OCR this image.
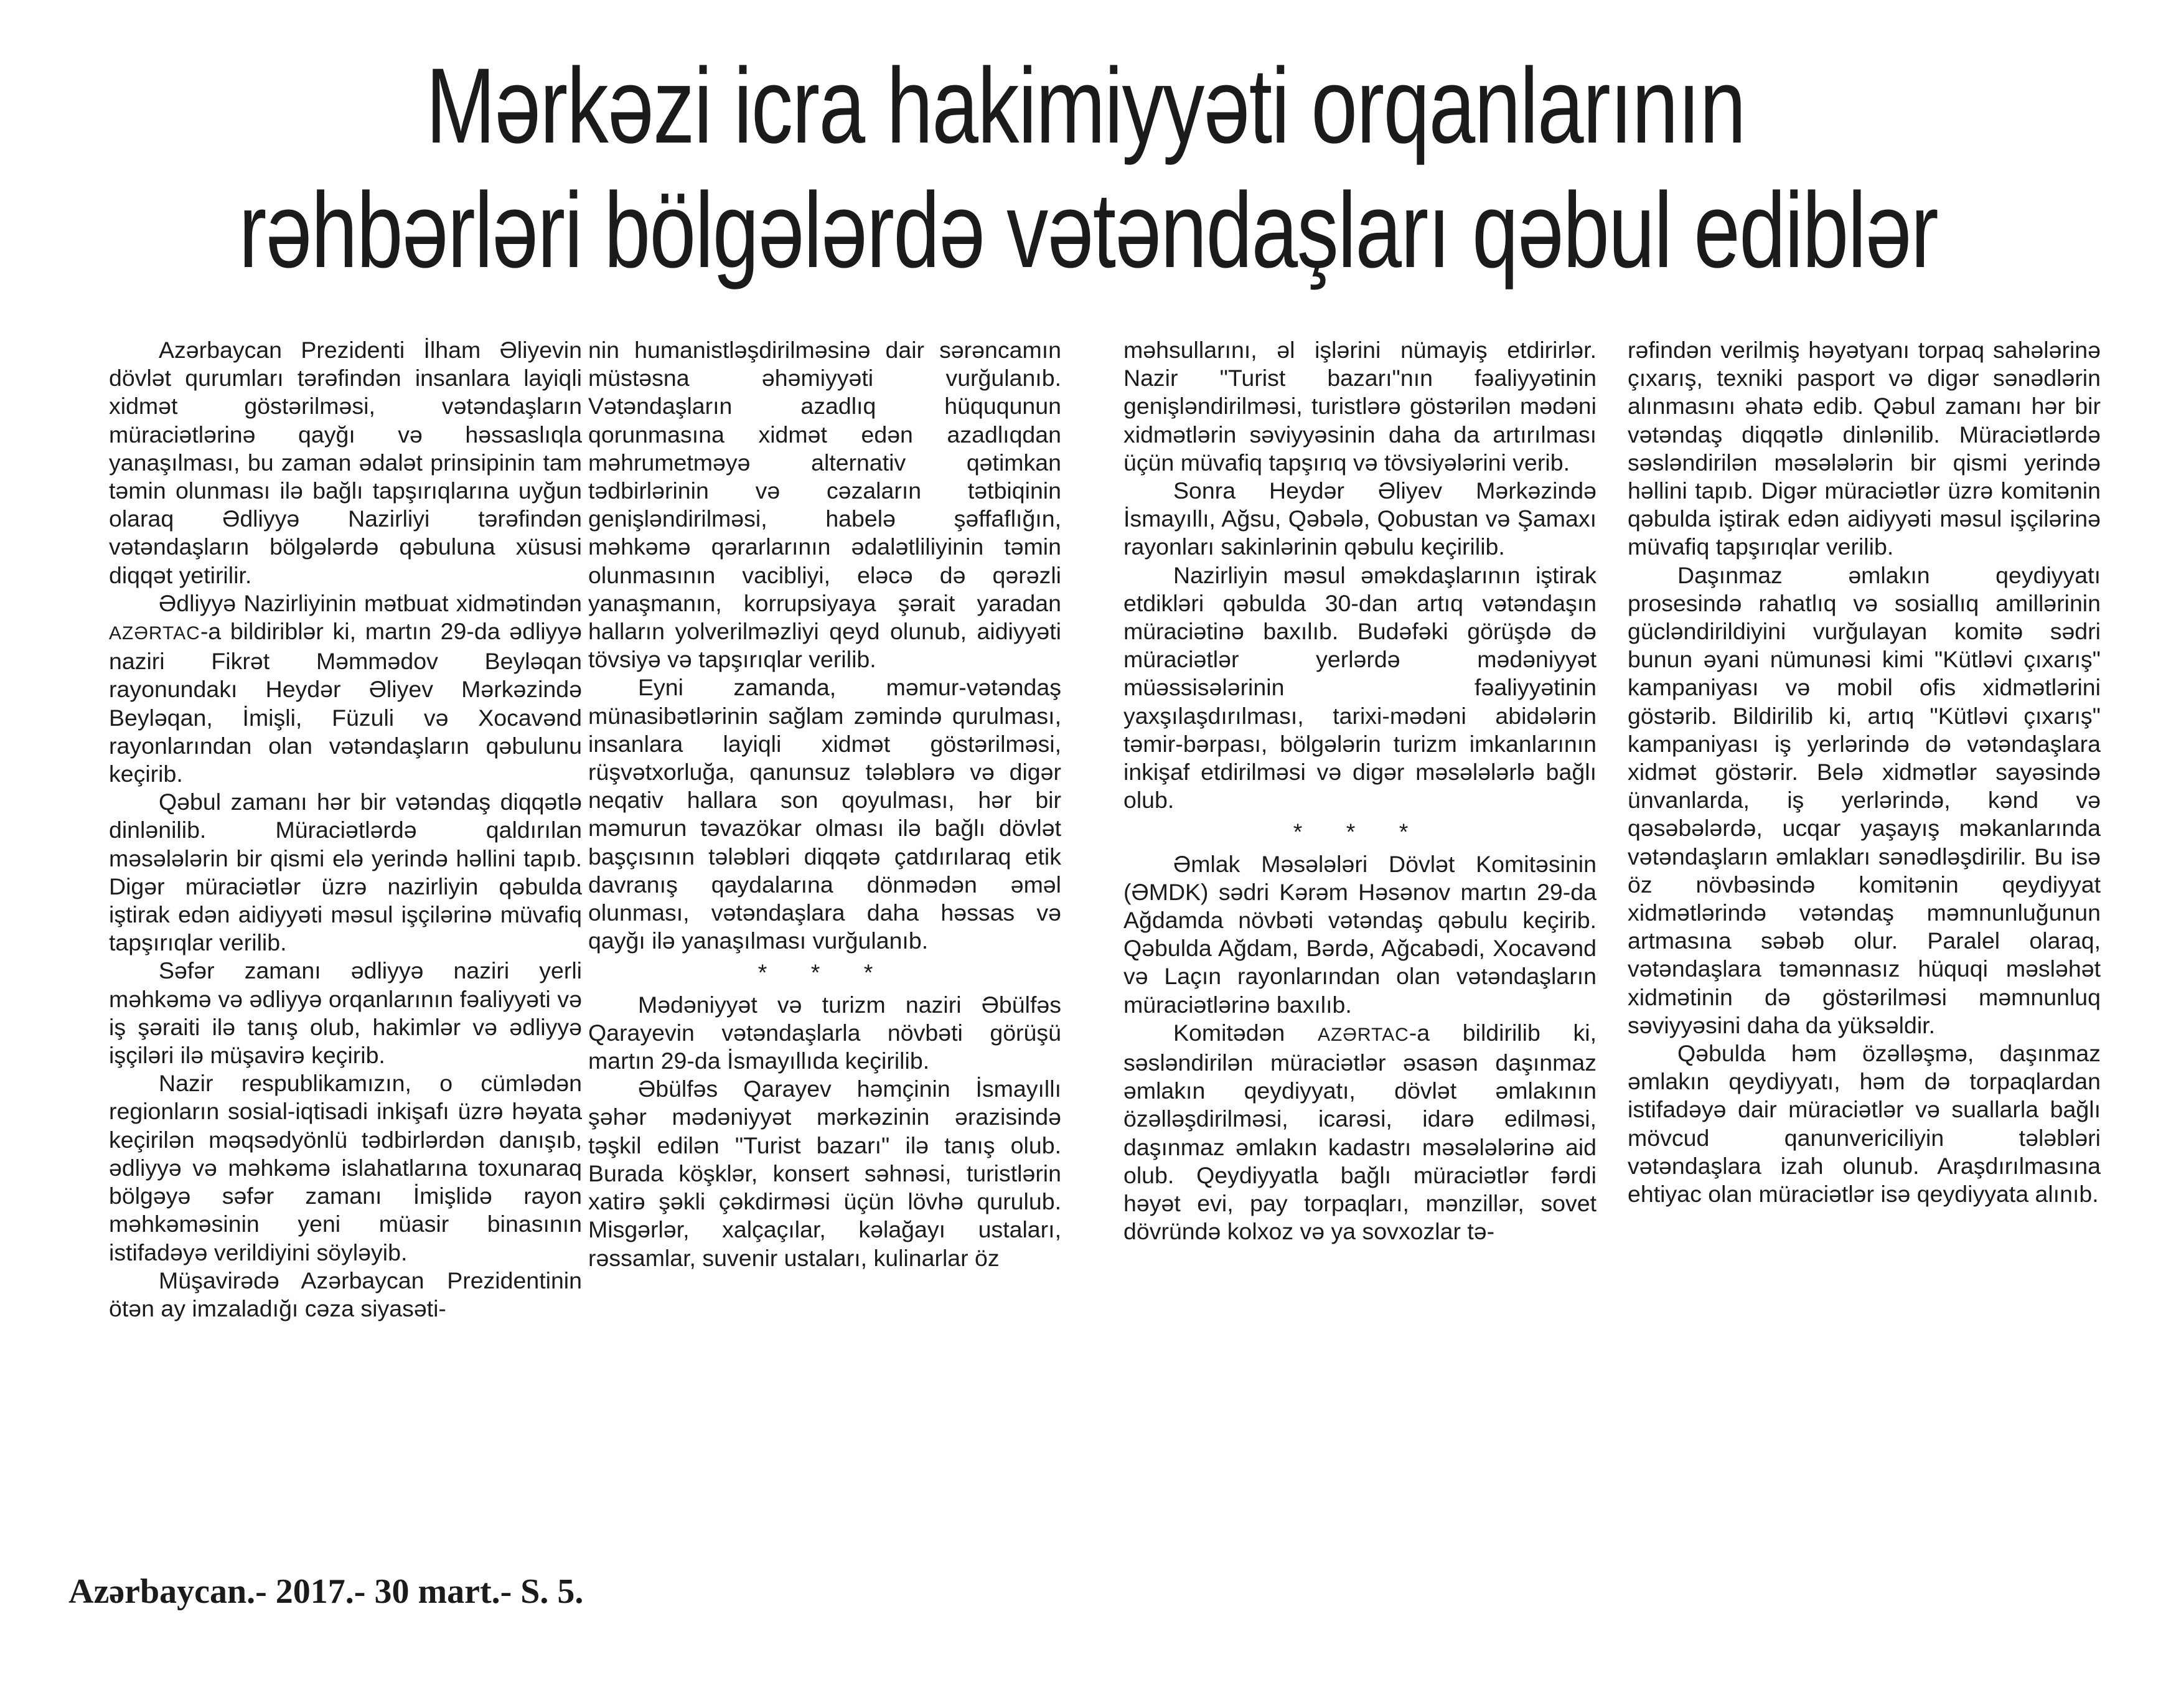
Mərkəzi icra hakimiyyəti orqanlarının
rəhbərləri bölgələrdə vətəndaşları qəbul ediblər

Azərbaycan Prezidenti İlham Əliyevin dövlət qurumları tərəfindən insanlara layiqli xidmət göstərilməsi, vətəndaşların müraciətlərinə qayğı və həssaslıqla yanaşılması, bu zaman ədalət prinsipinin tam təmin olunması ilə bağlı tapşırıqlarına uyğun olaraq Ədliyyə Nazirliyi tərəfindən vətəndaşların bölgələrdə qəbuluna xüsusi diqqət yetirilir.

Ədliyyə Nazirliyinin mətbuat xidmətindən AZƏRTAC-a bildiriblər ki, martın 29-da ədliyyə naziri Fikrət Məmmədov Beyləqan rayonundakı Heydər Əliyev Mərkəzində Beyləqan, İmişli, Füzuli və Xocavənd rayonlarından olan vətəndaşların qəbulunu keçirib.

Qəbul zamanı hər bir vətəndaş diqqətlə dinlənilib. Müraciətlərdə qaldırılan məsələlərin bir qismi elə yerində həllini tapıb. Digər müraciətlər üzrə nazirliyin qəbulda iştirak edən aidiyyəti məsul işçilərinə müvafiq tapşırıqlar verilib.

Səfər zamanı ədliyyə naziri yerli məhkəmə və ədliyyə orqanlarının fəaliyyəti və iş şəraiti ilə tanış olub, hakimlər və ədliyyə işçiləri ilə müşavirə keçirib.

Nazir respublikamızın, o cümlədən regionların sosial-iqtisadi inkişafı üzrə həyata keçirilən məqsədyönlü tədbirlərdən danışıb, ədliyyə və məhkəmə islahatlarına toxunaraq bölgəyə səfər zamanı İmişlidə rayon məhkəməsinin yeni müasir binasının istifadəyə verildiyini söyləyib.

Müşavirədə Azərbaycan Prezidentinin ötən ay imzaladığı cəza siyasəti-

nin humanistləşdirilməsinə dair sərəncamın müstəsna əhəmiyyəti vurğulanıb. Vətəndaşların azadlıq hüququnun qorunmasına xidmət edən azadlıqdan məhrumetməyə alternativ qətimkan tədbirlərinin və cəzaların tətbiqinin genişləndirilməsi, habelə şəffaflığın, məhkəmə qərarlarının ədalətliliyinin təmin olunmasının vacibliyi, eləcə də qərəzli yanaşmanın, korrupsiyaya şərait yaradan halların yolverilməzliyi qeyd olunub, aidiyyəti tövsiyə və tapşırıqlar verilib.

Eyni zamanda, məmur-vətəndaş münasibətlərinin sağlam zəmində qurulması, insanlara layiqli xidmət göstərilməsi, rüşvətxorluğa, qanunsuz tələblərə və digər neqativ hallara son qoyulması, hər bir məmurun təvazökar olması ilə bağlı dövlət başçısının tələbləri diqqətə çatdırılaraq etik davranış qaydalarına dönmədən əməl olunması, vətəndaşlara daha həssas və qayğı ilə yanaşılması vurğulanıb.

* * *

Mədəniyyət və turizm naziri Əbülfəs Qarayevin vətəndaşlarla növbəti görüşü martın 29-da İsmayıllıda keçirilib.

Əbülfəs Qarayev həmçinin İsmayıllı şəhər mədəniyyət mərkəzinin ərazisində təşkil edilən "Turist bazarı" ilə tanış olub. Burada köşklər, konsert səhnəsi, turistlərin xatirə şəkli çəkdirməsi üçün lövhə qurulub. Misgərlər, xalçaçılar, kəlağayı ustaları, rəssamlar, suvenir ustaları, kulinarlar öz

məhsullarını, əl işlərini nümayiş etdirirlər. Nazir "Turist bazarı"nın fəaliyyətinin genişləndirilməsi, turistlərə göstərilən mədəni xidmətlərin səviyyəsinin daha da artırılması üçün müvafiq tapşırıq və tövsiyələrini verib.

Sonra Heydər Əliyev Mərkəzində İsmayıllı, Ağsu, Qəbələ, Qobustan və Şamaxı rayonları sakinlərinin qəbulu keçirilib.

Nazirliyin məsul əməkdaşlarının iştirak etdikləri qəbulda 30-dan artıq vətəndaşın müraciətinə baxılıb. Budəfəki görüşdə də müraciətlər yerlərdə mədəniyyət müəssisələrinin fəaliyyətinin yaxşılaşdırılması, tarixi-mədəni abidələrin təmir-bərpası, bölgələrin turizm imkanlarının inkişaf etdirilməsi və digər məsələlərlə bağlı olub.

* * *

Əmlak Məsələləri Dövlət Komitəsinin (ƏMDK) sədri Kərəm Həsənov martın 29-da Ağdamda növbəti vətəndaş qəbulu keçirib. Qəbulda Ağdam, Bərdə, Ağcabədi, Xocavənd və Laçın rayonlarından olan vətəndaşların müraciətlərinə baxılıb.

Komitədən AZƏRTAC-a bildirilib ki, səsləndirilən müraciətlər əsasən daşınmaz əmlakın qeydiyyatı, dövlət əmlakının özəlləşdirilməsi, icarəsi, idarə edilməsi, daşınmaz əmlakın kadastrı məsələlərinə aid olub. Qeydiyyatla bağlı müraciətlər fərdi həyət evi, pay torpaqları, mənzillər, sovet dövründə kolxoz və ya sovxozlar tə-

rəfindən verilmiş həyətyanı torpaq sahələrinə çıxarış, texniki pasport və digər sənədlərin alınmasını əhatə edib. Qəbul zamanı hər bir vətəndaş diqqətlə dinlənilib. Müraciətlərdə səsləndirilən məsələlərin bir qismi yerində həllini tapıb. Digər müraciətlər üzrə komitənin qəbulda iştirak edən aidiyyəti məsul işçilərinə müvafiq tapşırıqlar verilib.

Daşınmaz əmlakın qeydiyyatı prosesində rahatlıq və sosiallıq amillərinin gücləndirildiyini vurğulayan komitə sədri bunun əyani nümunəsi kimi "Kütləvi çıxarış" kampaniyası və mobil ofis xidmətlərini göstərib. Bildirilib ki, artıq "Kütləvi çıxarış" kampaniyası iş yerlərində də vətəndaşlara xidmət göstərir. Belə xidmətlər sayəsində ünvanlarda, iş yerlərində, kənd və qəsəbələrdə, ucqar yaşayış məkanlarında vətəndaşların əmlakları sənədləşdirilir. Bu isə öz növbəsində komitənin qeydiyyat xidmətlərində vətəndaş məmnunluğunun artmasına səbəb olur. Paralel olaraq, vətəndaşlara təmənnasız hüquqi məsləhət xidmətinin də göstərilməsi məmnunluq səviyyəsini daha da yüksəldir.

Qəbulda həm özəlləşmə, daşınmaz əmlakın qeydiyyatı, həm də torpaqlardan istifadəyə dair müraciətlər və suallarla bağlı mövcud qanunvericiliyin tələbləri vətəndaşlara izah olunub. Araşdırılmasına ehtiyac olan müraciətlər isə qeydiyyata alınıb.

Azərbaycan.- 2017.- 30 mart.- S. 5.
